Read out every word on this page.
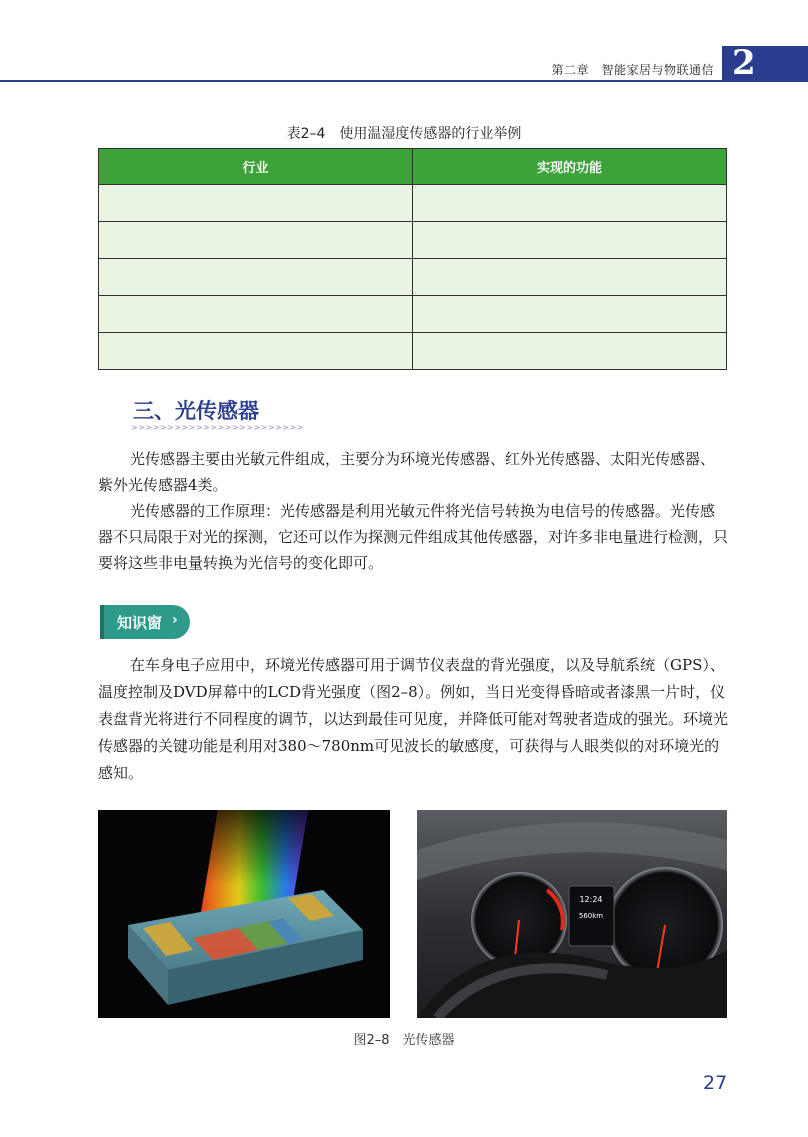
第二章　智能家居与物联通信 2
表2–4　使用温湿度传感器的行业举例
行业	实现的功能

三、光传感器
>>>>>>>>>>>>>>>>>>>>>>>>

光传感器主要由光敏元件组成，主要分为环境光传感器、红外光传感器、太阳光传感器、紫外光传感器4类。

光传感器的工作原理：光传感器是利用光敏元件将光信号转换为电信号的传感器。光传感器不只局限于对光的探测，它还可以作为探测元件组成其他传感器，对许多非电量进行检测，只要将这些非电量转换为光信号的变化即可。

知识窗 ›

在车身电子应用中，环境光传感器可用于调节仪表盘的背光强度，以及导航系统（GPS）、温度控制及DVD屏幕中的LCD背光强度（图2–8）。例如，当日光变得昏暗或者漆黑一片时，仪表盘背光将进行不同程度的调节，以达到最佳可见度，并降低可能对驾驶者造成的强光。环境光传感器的关键功能是利用对380～780nm可见波长的敏感度，可获得与人眼类似的对环境光的感知。

12:24
560km
图2–8　光传感器
27
